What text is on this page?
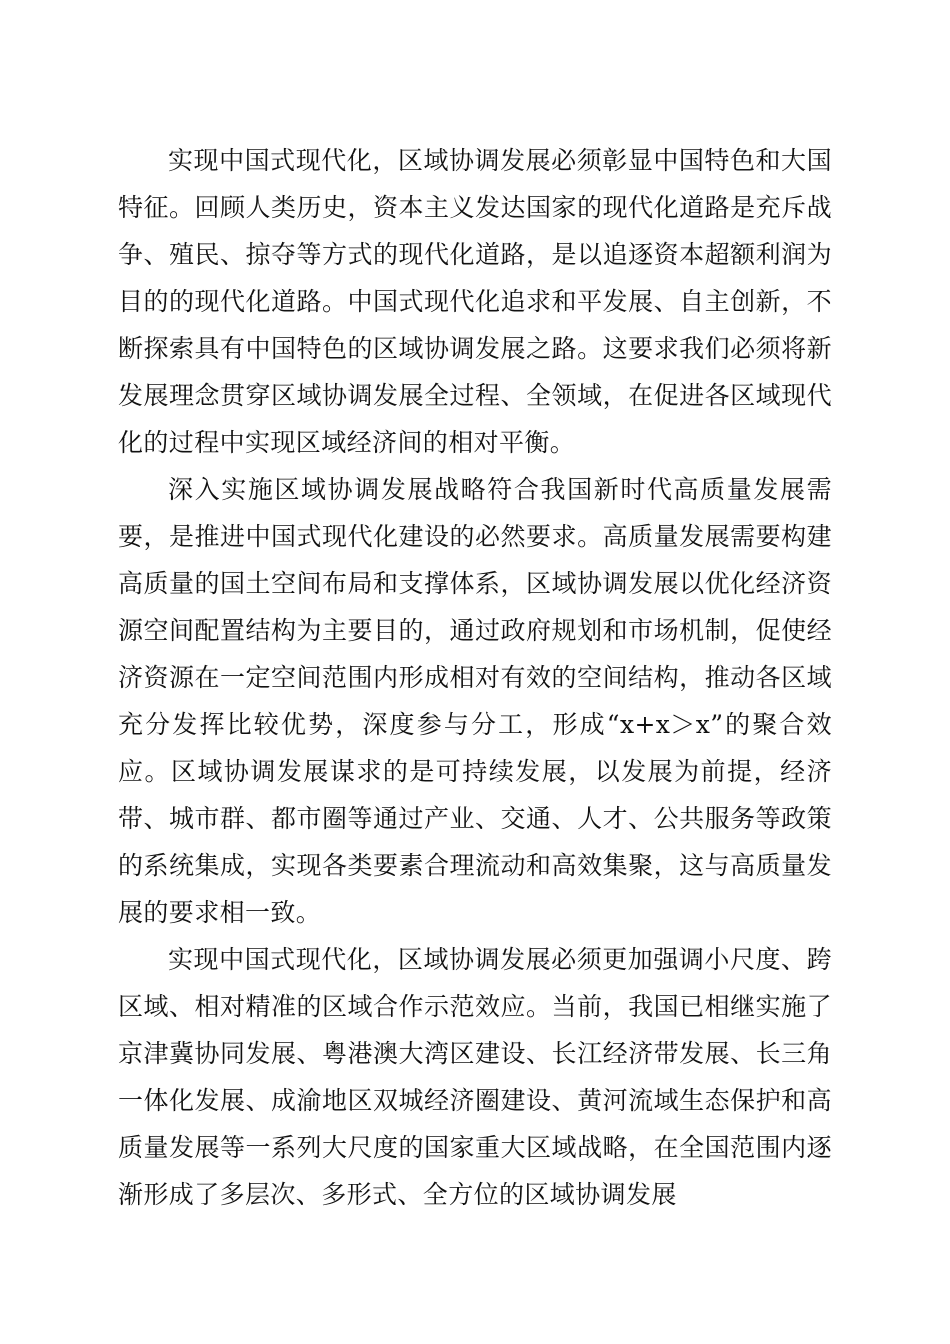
实现中国式现代化，区域协调发展必须彰显中国特色和大国特征。回顾人类历史，资本主义发达国家的现代化道路是充斥战争、殖民、掠夺等方式的现代化道路，是以追逐资本超额利润为目的的现代化道路。中国式现代化追求和平发展、自主创新，不断探索具有中国特色的区域协调发展之路。这要求我们必须将新发展理念贯穿区域协调发展全过程、全领域，在促进各区域现代化的过程中实现区域经济间的相对平衡。

深入实施区域协调发展战略符合我国新时代高质量发展需要，是推进中国式现代化建设的必然要求。高质量发展需要构建高质量的国土空间布局和支撑体系，区域协调发展以优化经济资源空间配置结构为主要目的，通过政府规划和市场机制，促使经济资源在一定空间范围内形成相对有效的空间结构，推动各区域充分发挥比较优势，深度参与分工，形成“x+x＞x”的聚合效应。区域协调发展谋求的是可持续发展，以发展为前提，经济带、城市群、都市圈等通过产业、交通、人才、公共服务等政策的系统集成，实现各类要素合理流动和高效集聚，这与高质量发展的要求相一致。

实现中国式现代化，区域协调发展必须更加强调小尺度、跨区域、相对精准的区域合作示范效应。当前，我国已相继实施了京津冀协同发展、粤港澳大湾区建设、长江经济带发展、长三角一体化发展、成渝地区双城经济圈建设、黄河流域生态保护和高质量发展等一系列大尺度的国家重大区域战略，在全国范围内逐渐形成了多层次、多形式、全方位的区域协调发展
